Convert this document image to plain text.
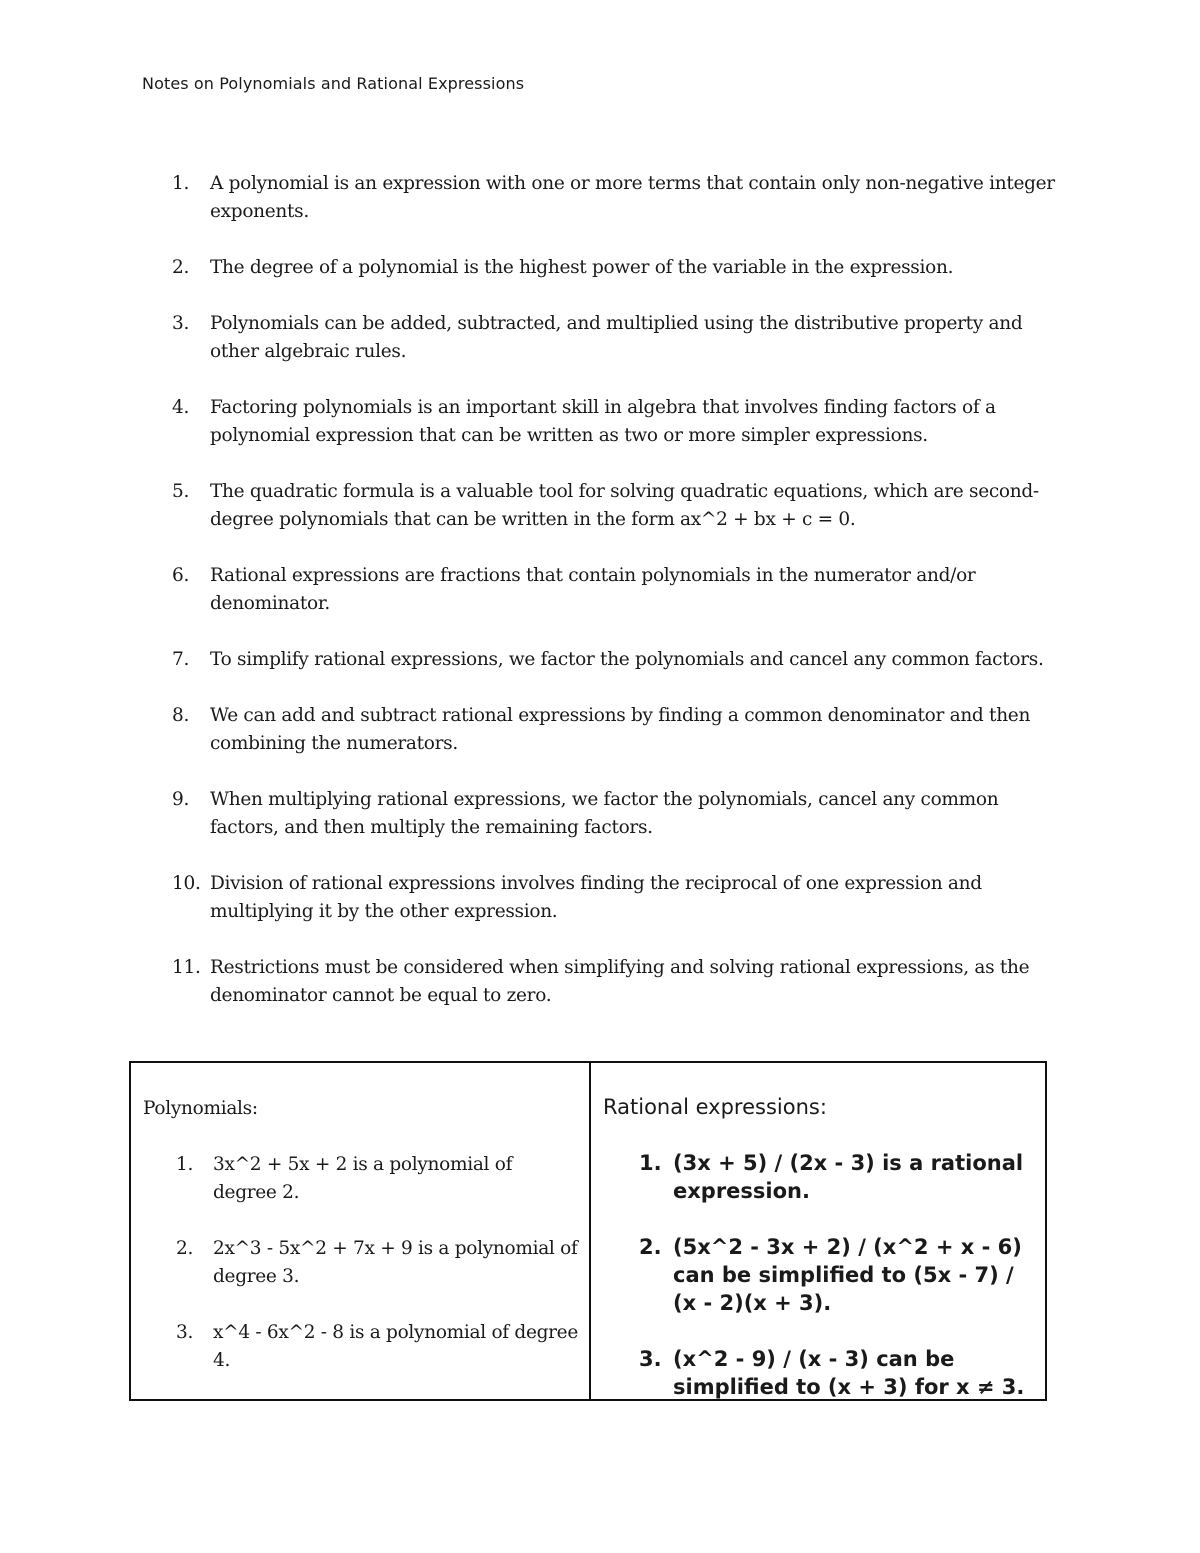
Notes on Polynomials and Rational Expressions
1. A polynomial is an expression with one or more terms that contain only non-negative integer exponents.
2. The degree of a polynomial is the highest power of the variable in the expression.
3. Polynomials can be added, subtracted, and multiplied using the distributive property and other algebraic rules.
4. Factoring polynomials is an important skill in algebra that involves finding factors of a polynomial expression that can be written as two or more simpler expressions.
5. The quadratic formula is a valuable tool for solving quadratic equations, which are second-degree polynomials that can be written in the form ax^2 + bx + c = 0.
6. Rational expressions are fractions that contain polynomials in the numerator and/or denominator.
7. To simplify rational expressions, we factor the polynomials and cancel any common factors.
8. We can add and subtract rational expressions by finding a common denominator and then combining the numerators.
9. When multiplying rational expressions, we factor the polynomials, cancel any common factors, and then multiply the remaining factors.
10. Division of rational expressions involves finding the reciprocal of one expression and multiplying it by the other expression.
11. Restrictions must be considered when simplifying and solving rational expressions, as the denominator cannot be equal to zero.
Polynomials:
1. 3x^2 + 5x + 2 is a polynomial of degree 2.
2. 2x^3 - 5x^2 + 7x + 9 is a polynomial of degree 3.
3. x^4 - 6x^2 - 8 is a polynomial of degree 4.
Rational expressions:
1. (3x + 5) / (2x - 3) is a rational expression.
2. (5x^2 - 3x + 2) / (x^2 + x - 6) can be simplified to (5x - 7) / (x - 2)(x + 3).
3. (x^2 - 9) / (x - 3) can be simplified to (x + 3) for x ≠ 3.
